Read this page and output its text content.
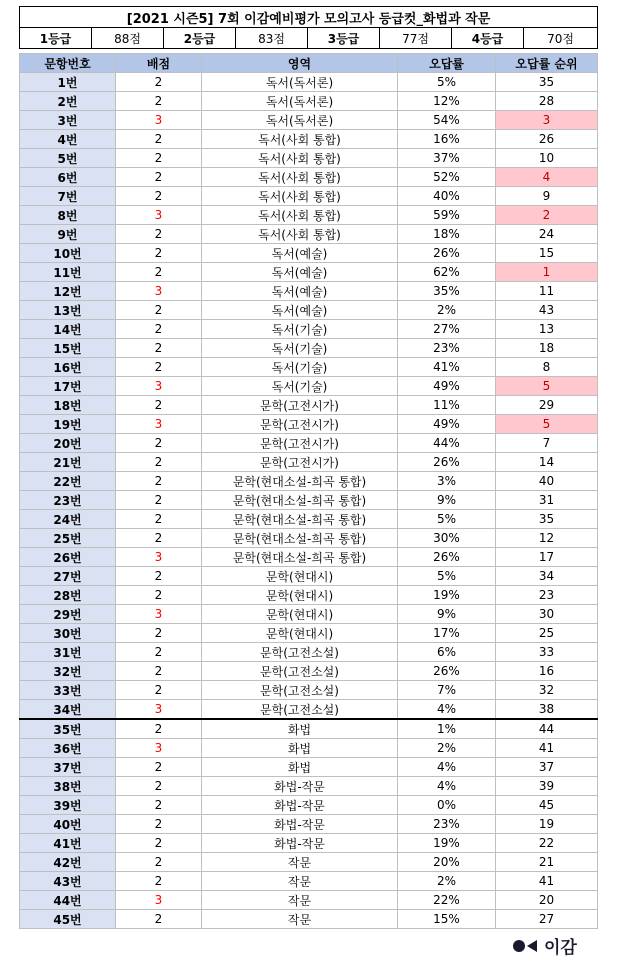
[2021 시즌5] 7회 이감예비평가 모의고사 등급컷_화법과 작문
1등급	88점	2등급	83점	3등급	77점	4등급	70점
문항번호	배점	영역	오답률	오답률 순위
1번	2	독서(독서론)	5%	35
2번	2	독서(독서론)	12%	28
3번	3	독서(독서론)	54%	3
4번	2	독서(사회 통합)	16%	26
5번	2	독서(사회 통합)	37%	10
6번	2	독서(사회 통합)	52%	4
7번	2	독서(사회 통합)	40%	9
8번	3	독서(사회 통합)	59%	2
9번	2	독서(사회 통합)	18%	24
10번	2	독서(예술)	26%	15
11번	2	독서(예술)	62%	1
12번	3	독서(예술)	35%	11
13번	2	독서(예술)	2%	43
14번	2	독서(기술)	27%	13
15번	2	독서(기술)	23%	18
16번	2	독서(기술)	41%	8
17번	3	독서(기술)	49%	5
18번	2	문학(고전시가)	11%	29
19번	3	문학(고전시가)	49%	5
20번	2	문학(고전시가)	44%	7
21번	2	문학(고전시가)	26%	14
22번	2	문학(현대소설-희곡 통합)	3%	40
23번	2	문학(현대소설-희곡 통합)	9%	31
24번	2	문학(현대소설-희곡 통합)	5%	35
25번	2	문학(현대소설-희곡 통합)	30%	12
26번	3	문학(현대소설-희곡 통합)	26%	17
27번	2	문학(현대시)	5%	34
28번	2	문학(현대시)	19%	23
29번	3	문학(현대시)	9%	30
30번	2	문학(현대시)	17%	25
31번	2	문학(고전소설)	6%	33
32번	2	문학(고전소설)	26%	16
33번	2	문학(고전소설)	7%	32
34번	3	문학(고전소설)	4%	38
35번	2	화법	1%	44
36번	3	화법	2%	41
37번	2	화법	4%	37
38번	2	화법-작문	4%	39
39번	2	화법-작문	0%	45
40번	2	화법-작문	23%	19
41번	2	화법-작문	19%	22
42번	2	작문	20%	21
43번	2	작문	2%	41
44번	3	작문	22%	20
45번	2	작문	15%	27
이감
